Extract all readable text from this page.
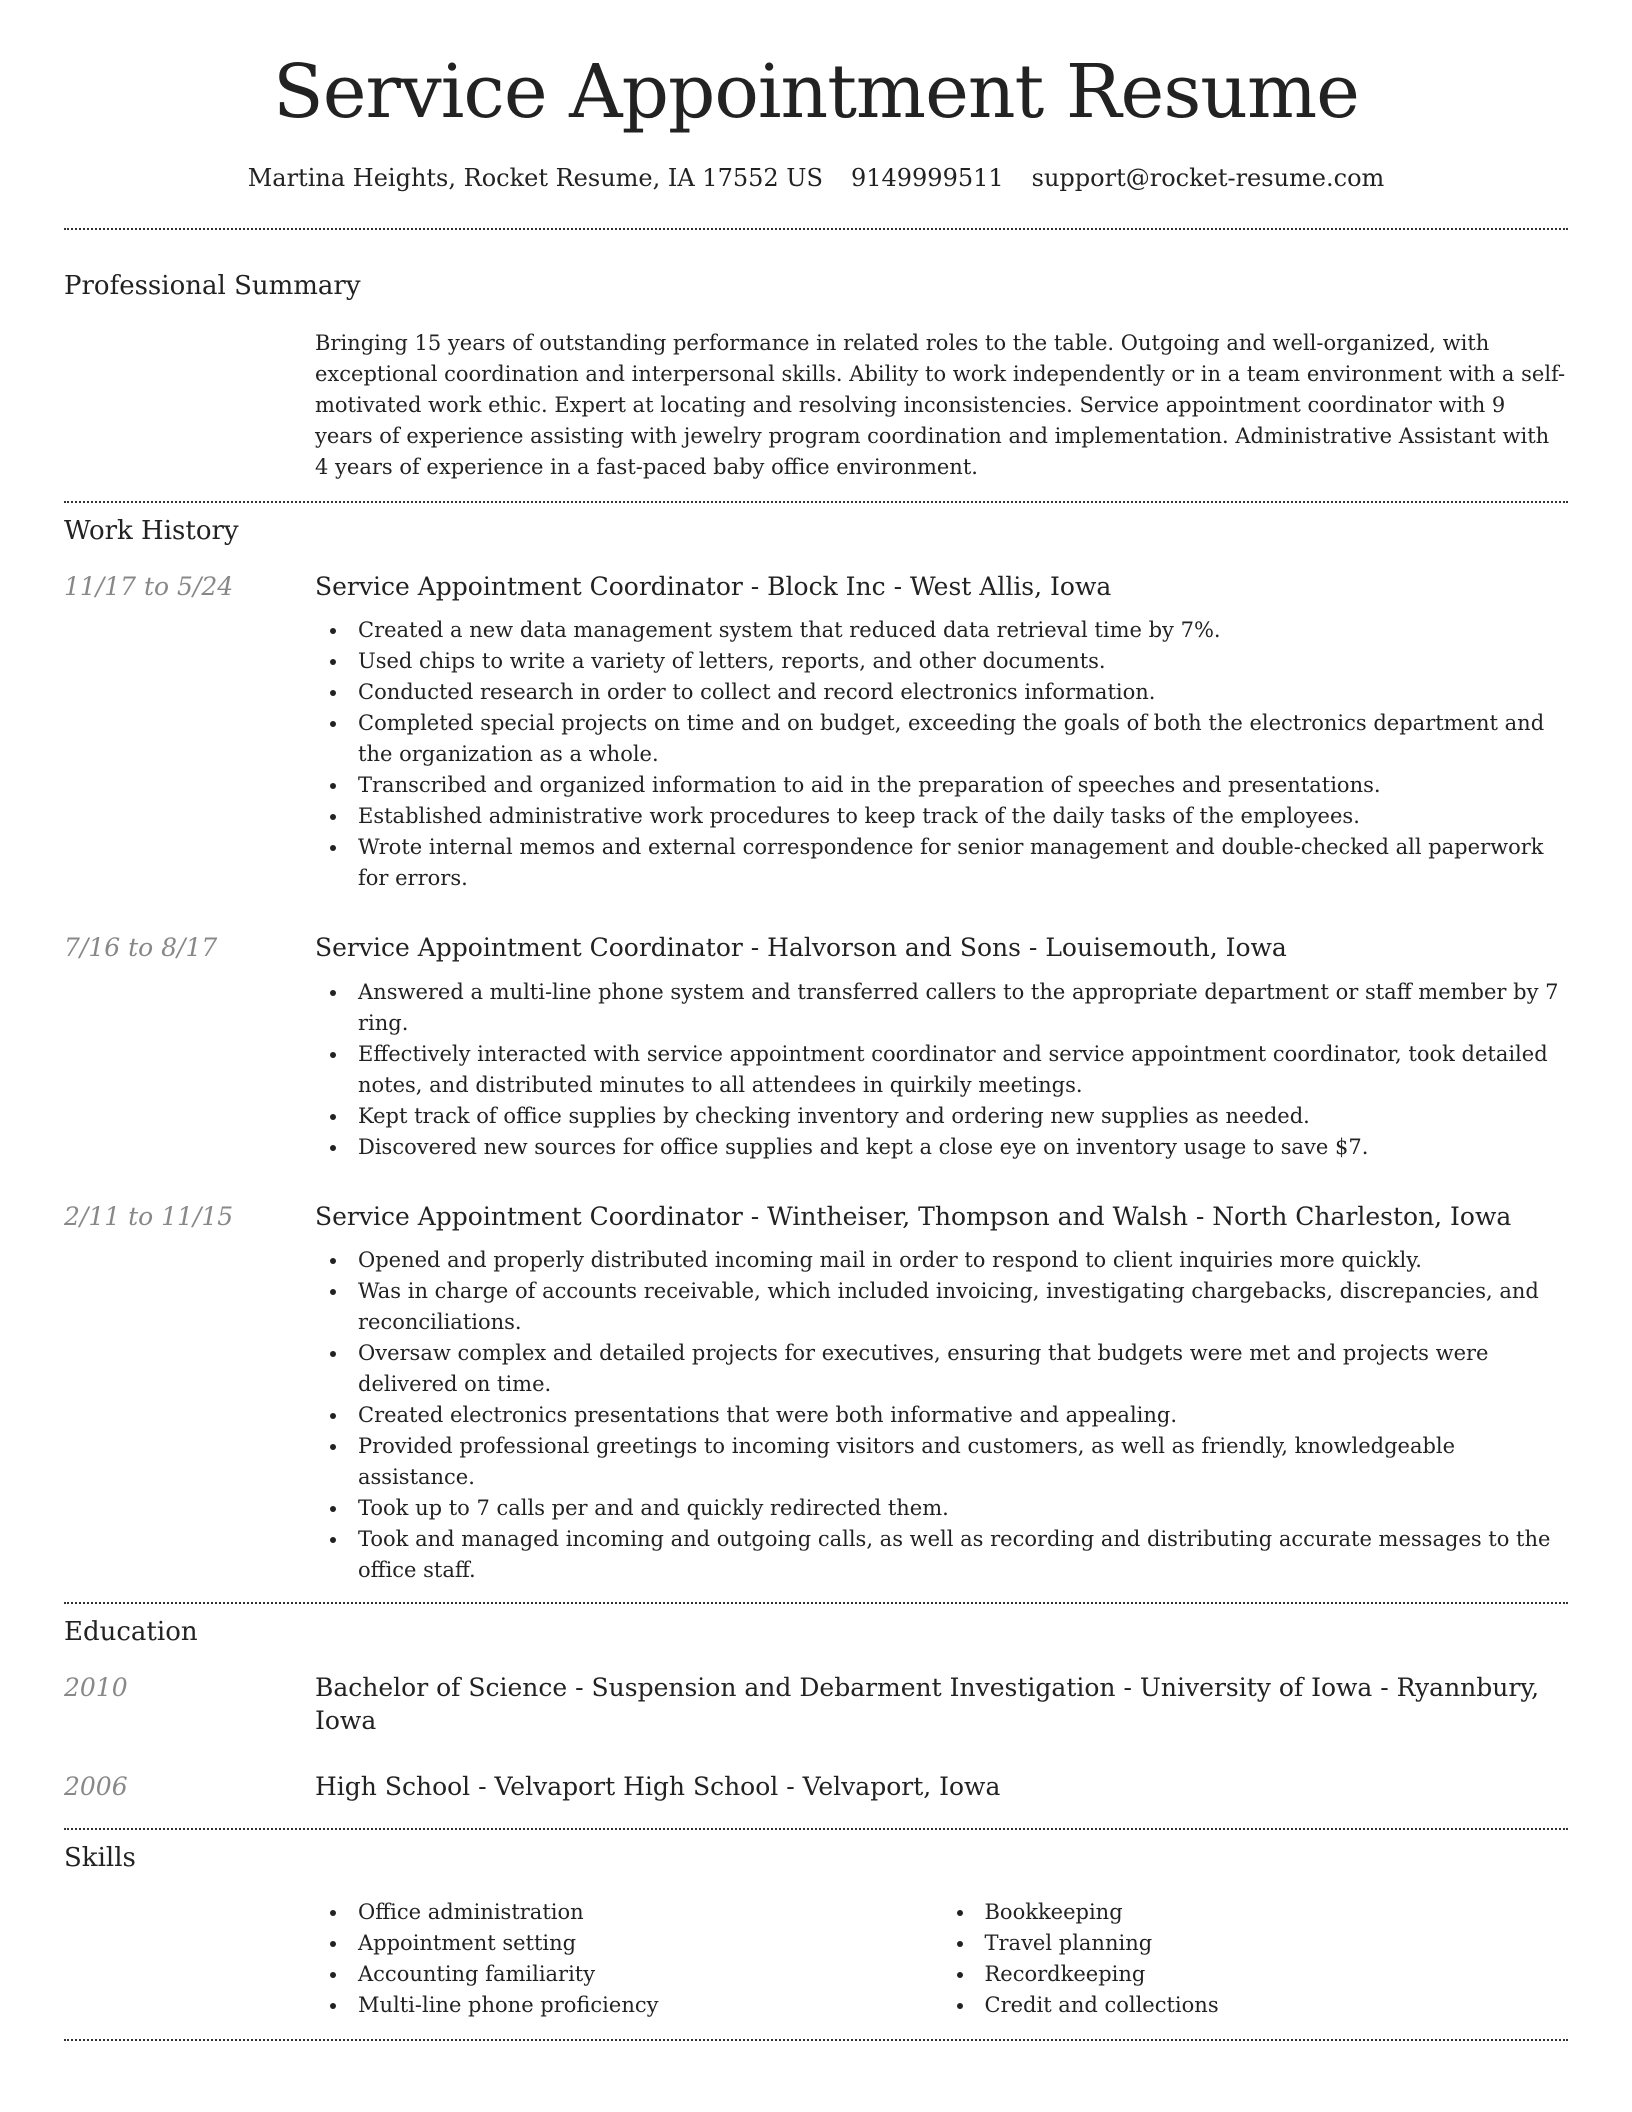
Service Appointment Resume
Martina Heights, Rocket Resume, IA 17552 US 9149999511 support@rocket-resume.com
Professional Summary
Bringing 15 years of outstanding performance in related roles to the table. Outgoing and well-organized, with exceptional coordination and interpersonal skills. Ability to work independently or in a team environment with a self-motivated work ethic. Expert at locating and resolving inconsistencies. Service appointment coordinator with 9 years of experience assisting with jewelry program coordination and implementation. Administrative Assistant with 4 years of experience in a fast-paced baby office environment.
Work History
11/17 to 5/24	Service Appointment Coordinator - Block Inc - West Allis, Iowa
Created a new data management system that reduced data retrieval time by 7%.
Used chips to write a variety of letters, reports, and other documents.
Conducted research in order to collect and record electronics information.
Completed special projects on time and on budget, exceeding the goals of both the electronics department and the organization as a whole.
Transcribed and organized information to aid in the preparation of speeches and presentations.
Established administrative work procedures to keep track of the daily tasks of the employees.
Wrote internal memos and external correspondence for senior management and double-checked all paperwork for errors.
7/16 to 8/17	Service Appointment Coordinator - Halvorson and Sons - Louisemouth, Iowa
Answered a multi-line phone system and transferred callers to the appropriate department or staff member by 7 ring.
Effectively interacted with service appointment coordinator and service appointment coordinator, took detailed notes, and distributed minutes to all attendees in quirkily meetings.
Kept track of office supplies by checking inventory and ordering new supplies as needed.
Discovered new sources for office supplies and kept a close eye on inventory usage to save $7.
2/11 to 11/15	Service Appointment Coordinator - Wintheiser, Thompson and Walsh - North Charleston, Iowa
Opened and properly distributed incoming mail in order to respond to client inquiries more quickly.
Was in charge of accounts receivable, which included invoicing, investigating chargebacks, discrepancies, and reconciliations.
Oversaw complex and detailed projects for executives, ensuring that budgets were met and projects were delivered on time.
Created electronics presentations that were both informative and appealing.
Provided professional greetings to incoming visitors and customers, as well as friendly, knowledgeable assistance.
Took up to 7 calls per and and quickly redirected them.
Took and managed incoming and outgoing calls, as well as recording and distributing accurate messages to the office staff.
Education
2010	Bachelor of Science - Suspension and Debarment Investigation - University of Iowa - Ryannbury, Iowa
2006	High School - Velvaport High School - Velvaport, Iowa
Skills
Office administration
Appointment setting
Accounting familiarity
Multi-line phone proficiency
Bookkeeping
Travel planning
Recordkeeping
Credit and collections
